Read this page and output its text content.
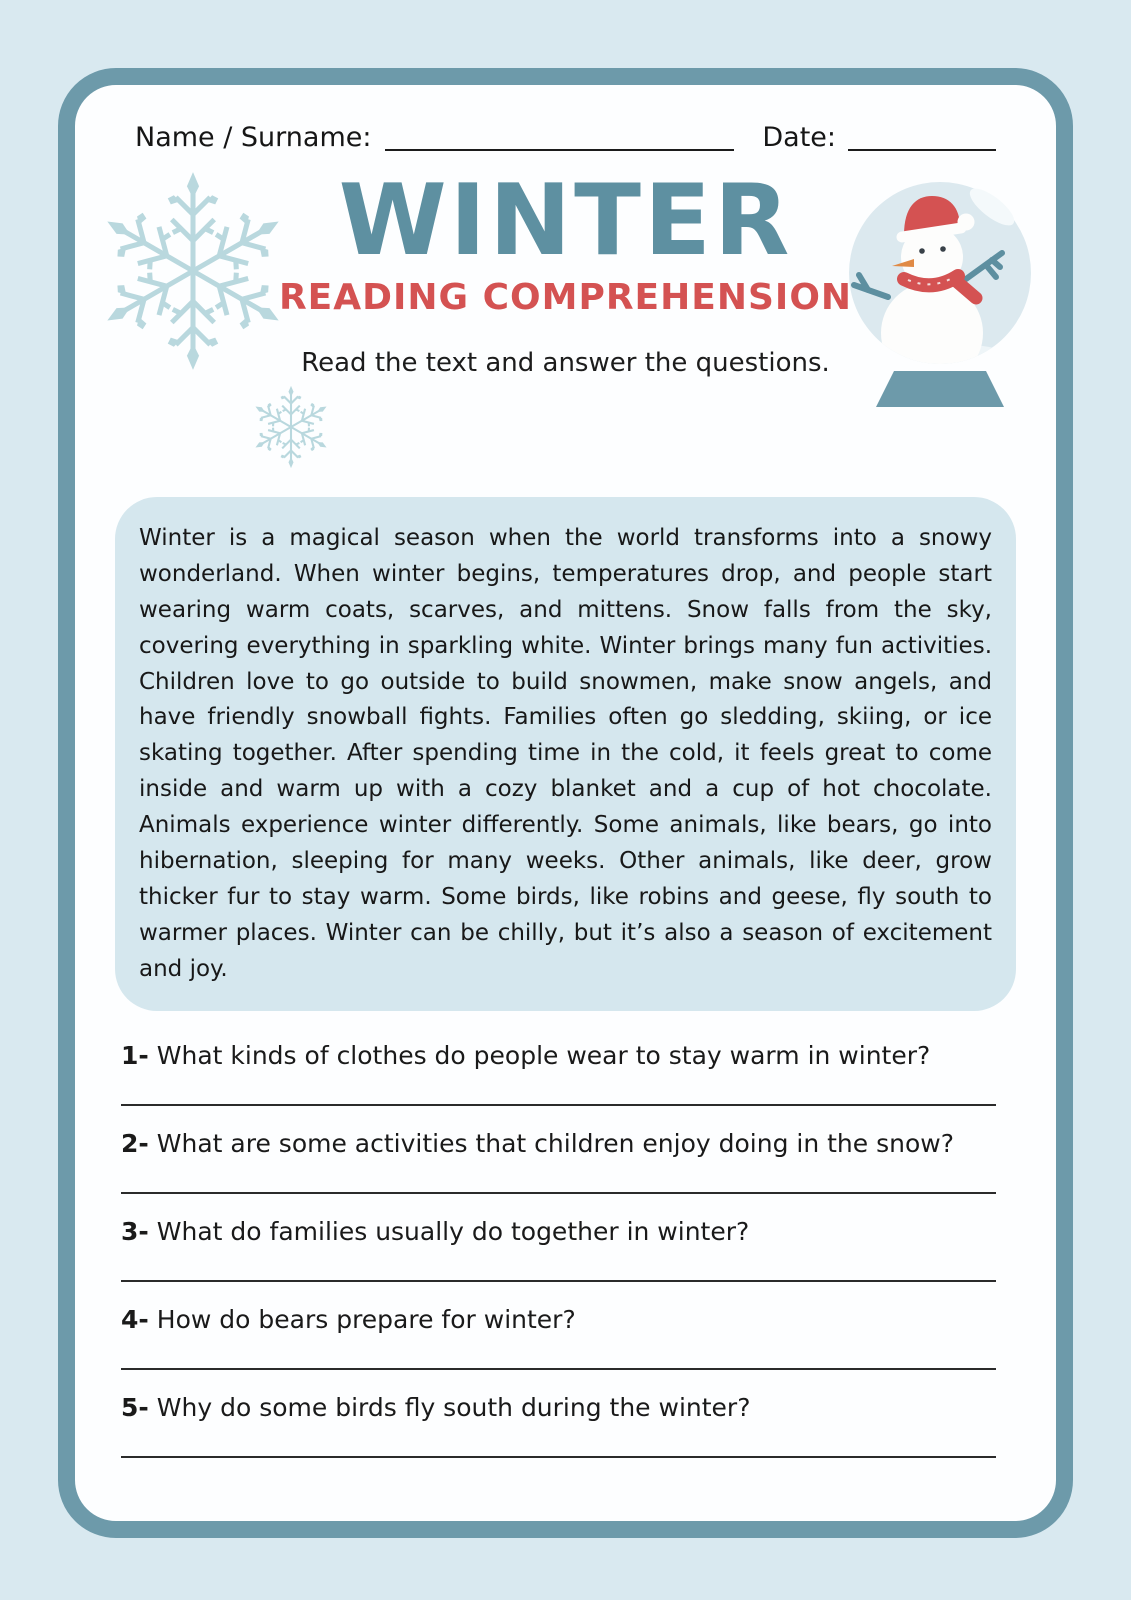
Name / Surname:	Date:
WINTER
READING COMPREHENSION
Read the text and answer the questions.

Winter is a magical season when the world transforms into a snowy wonderland. When winter begins, temperatures drop, and people start wearing warm coats, scarves, and mittens. Snow falls from the sky, covering everything in sparkling white. Winter brings many fun activities. Children love to go outside to build snowmen, make snow angels, and have friendly snowball fights. Families often go sledding, skiing, or ice skating together. After spending time in the cold, it feels great to come inside and warm up with a cozy blanket and a cup of hot chocolate. Animals experience winter differently. Some animals, like bears, go into hibernation, sleeping for many weeks. Other animals, like deer, grow thicker fur to stay warm. Some birds, like robins and geese, fly south to warmer places. Winter can be chilly, but it’s also a season of excitement and joy.

1- What kinds of clothes do people wear to stay warm in winter?

2- What are some activities that children enjoy doing in the snow?

3- What do families usually do together in winter?

4- How do bears prepare for winter?

5- Why do some birds fly south during the winter?
